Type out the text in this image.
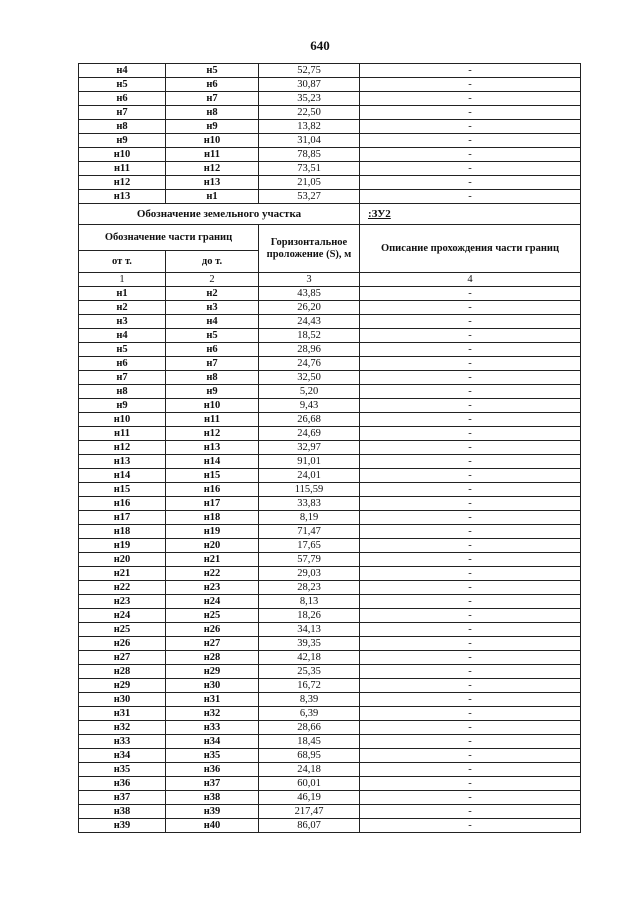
640
н4	н5	52,75	-
н5	н6	30,87	-
н6	н7	35,23	-
н7	н8	22,50	-
н8	н9	13,82	-
н9	н10	31,04	-
н10	н11	78,85	-
н11	н12	73,51	-
н12	н13	21,05	-
н13	н1	53,27	-
Обозначение земельного участка			:ЗУ2
Обозначение части границ		Горизонтальное проложение (S), м	Описание прохождения части границ
от т.	до т.		
1	2	3	4
н1	н2	43,85	-
н2	н3	26,20	-
н3	н4	24,43	-
н4	н5	18,52	-
н5	н6	28,96	-
н6	н7	24,76	-
н7	н8	32,50	-
н8	н9	5,20	-
н9	н10	9,43	-
н10	н11	26,68	-
н11	н12	24,69	-
н12	н13	32,97	-
н13	н14	91,01	-
н14	н15	24,01	-
н15	н16	115,59	-
н16	н17	33,83	-
н17	н18	8,19	-
н18	н19	71,47	-
н19	н20	17,65	-
н20	н21	57,79	-
н21	н22	29,03	-
н22	н23	28,23	-
н23	н24	8,13	-
н24	н25	18,26	-
н25	н26	34,13	-
н26	н27	39,35	-
н27	н28	42,18	-
н28	н29	25,35	-
н29	н30	16,72	-
н30	н31	8,39	-
н31	н32	6,39	-
н32	н33	28,66	-
н33	н34	18,45	-
н34	н35	68,95	-
н35	н36	24,18	-
н36	н37	60,01	-
н37	н38	46,19	-
н38	н39	217,47	-
н39	н40	86,07	-
